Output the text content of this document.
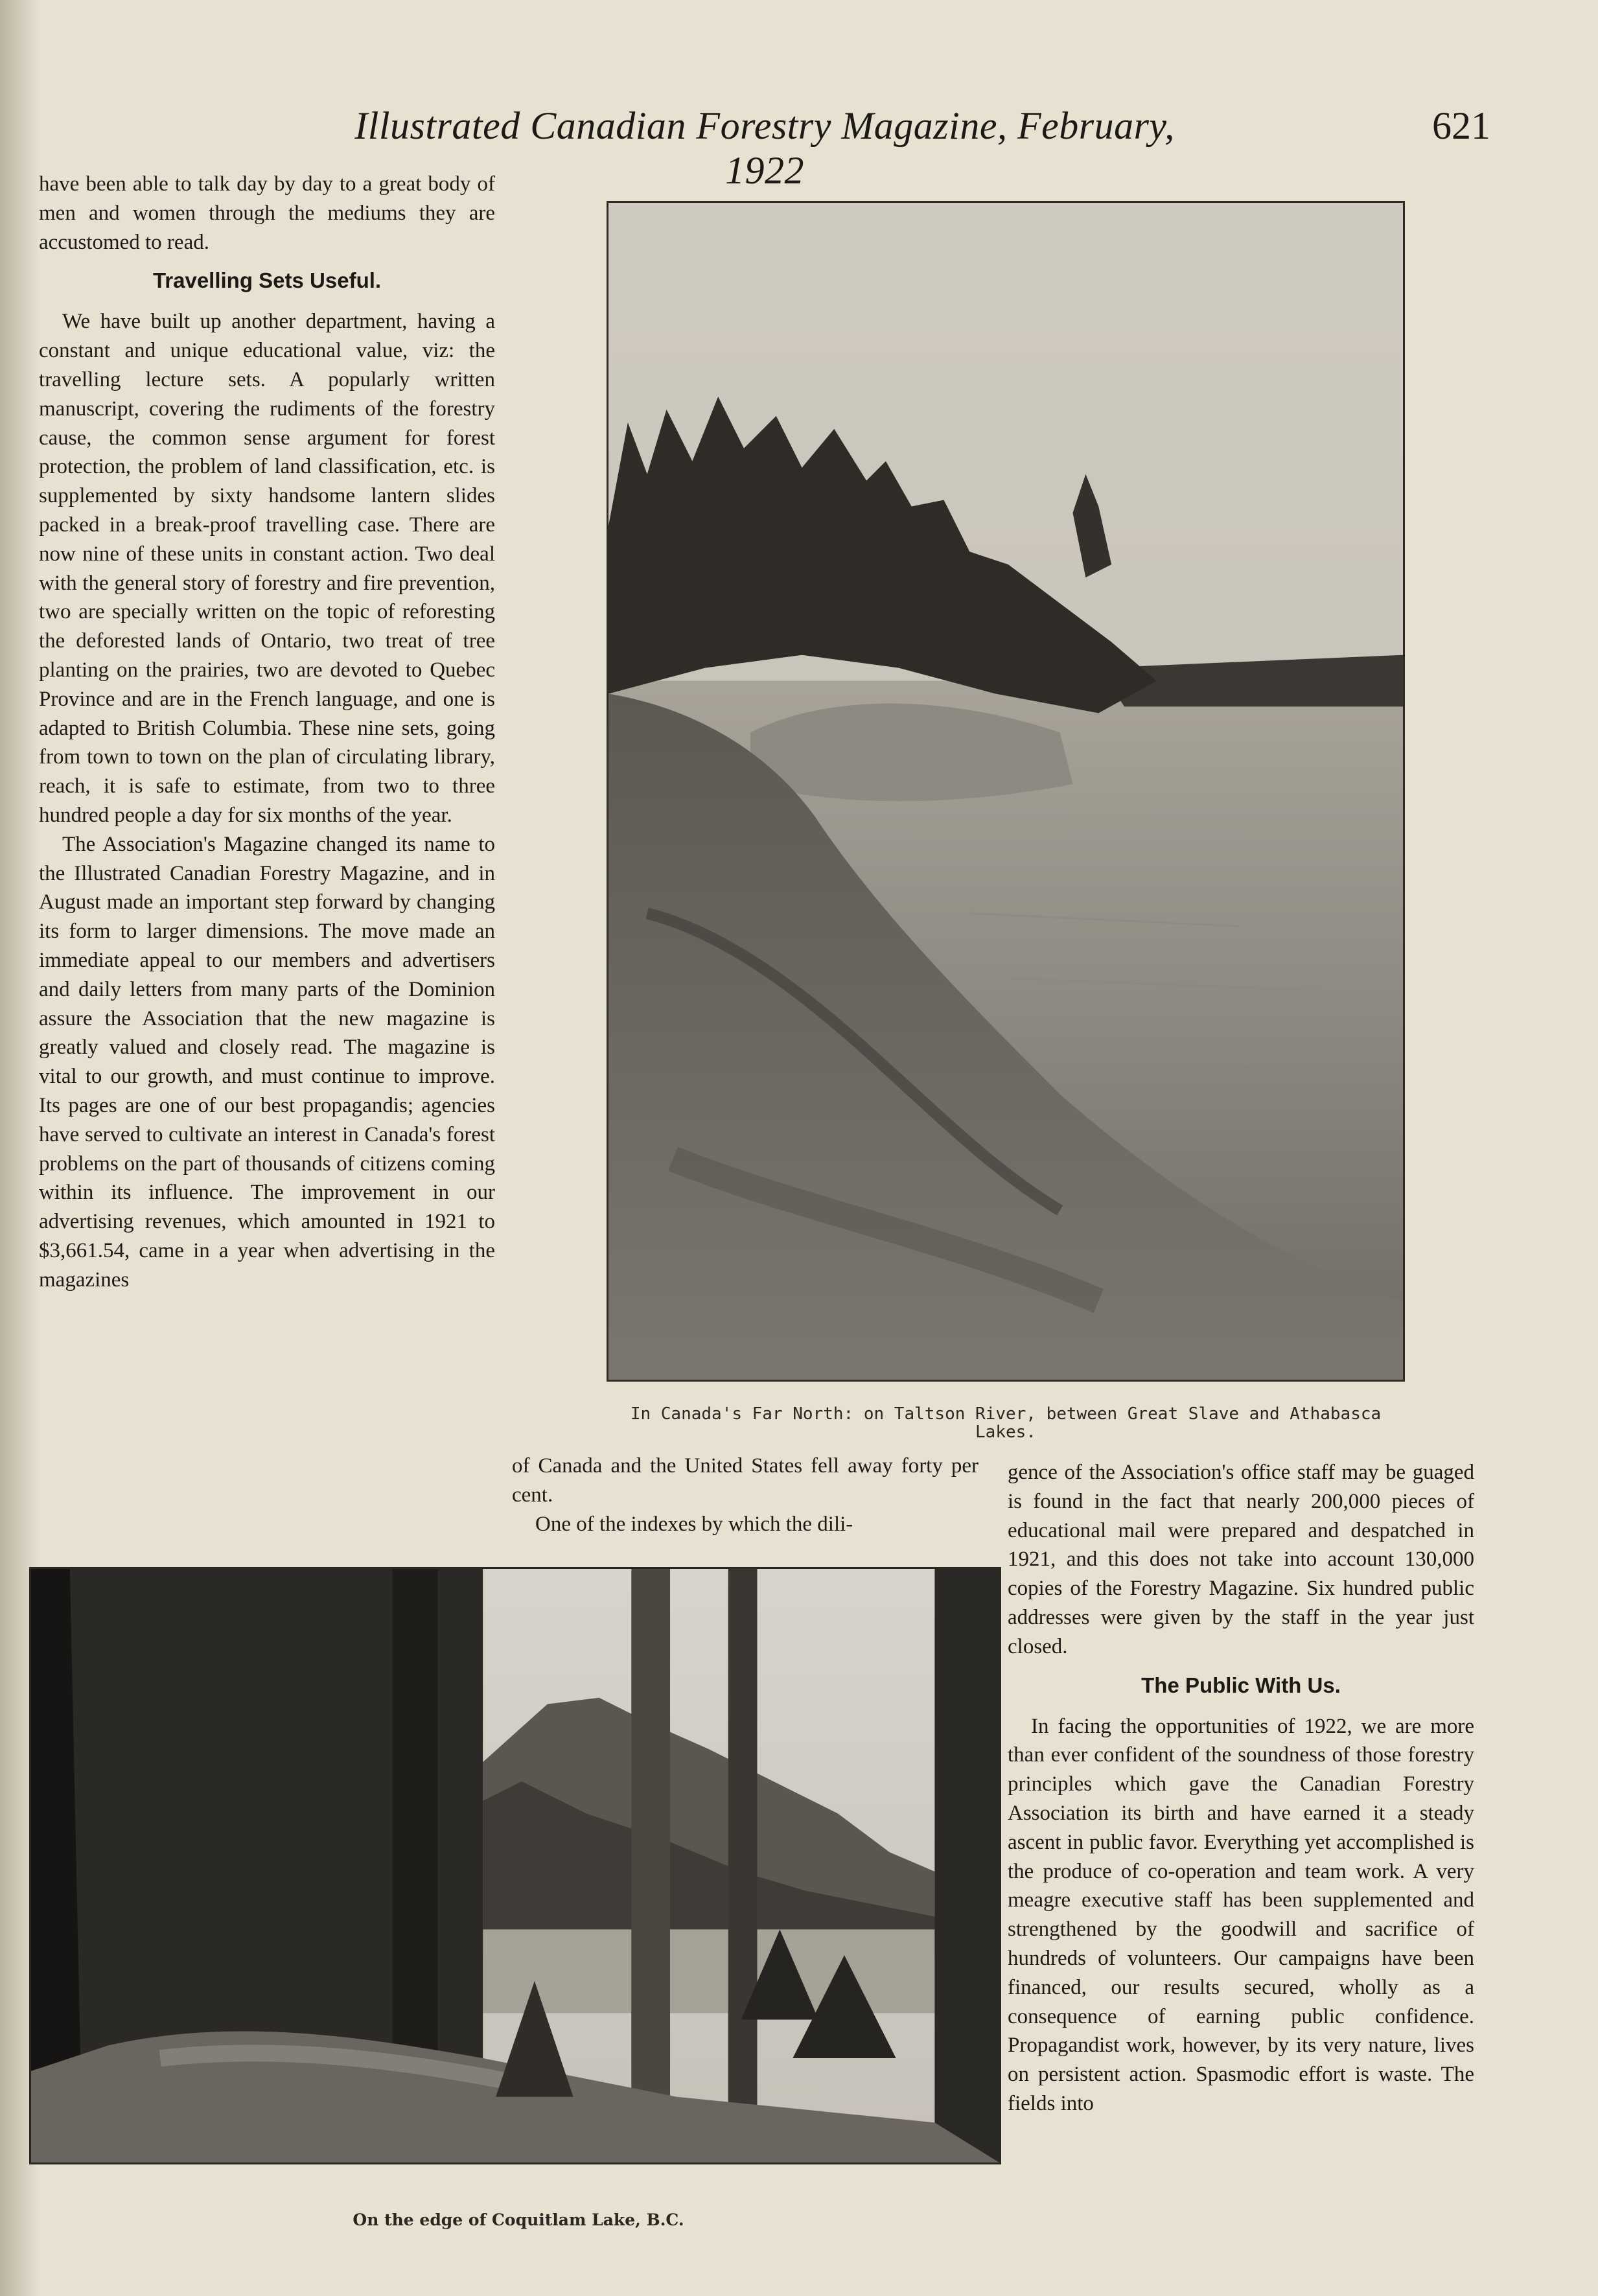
Illustrated Canadian Forestry Magazine, February, 1922
621

have been able to talk day by day to a great body of men and women through the mediums they are accustomed to read.

Travelling Sets Useful.

We have built up another department, having a constant and unique educational value, viz: the travelling lecture sets. A popularly written manuscript, covering the rudiments of the forestry cause, the common sense argument for forest protection, the problem of land classification, etc. is supplemented by sixty handsome lantern slides packed in a break-proof travelling case. There are now nine of these units in constant action. Two deal with the general story of forestry and fire prevention, two are specially written on the topic of reforesting the deforested lands of Ontario, two treat of tree planting on the prairies, two are devoted to Quebec Province and are in the French language, and one is adapted to British Columbia. These nine sets, going from town to town on the plan of circulating library, reach, it is safe to estimate, from two to three hundred people a day for six months of the year.

The Association's Magazine changed its name to the Illustrated Canadian Forestry Magazine, and in August made an important step forward by changing its form to larger dimensions. The move made an immediate appeal to our members and advertisers and daily letters from many parts of the Dominion assure the Association that the new magazine is greatly valued and closely read. The magazine is vital to our growth, and must continue to improve. Its pages are one of our best propagandis; agencies have served to cultivate an interest in Canada's forest problems on the part of thousands of citizens coming within its influence. The improvement in our advertising revenues, which amounted in 1921 to $3,661.54, came in a year when advertising in the magazines

In Canada's Far North: on Taltson River, between Great Slave and Athabasca Lakes.

of Canada and the United States fell away forty per cent.

One of the indexes by which the dili-

gence of the Association's office staff may be guaged is found in the fact that nearly 200,000 pieces of educational mail were prepared and despatched in 1921, and this does not take into account 130,000 copies of the Forestry Magazine. Six hundred public addresses were given by the staff in the year just closed.

The Public With Us.

In facing the opportunities of 1922, we are more than ever confident of the soundness of those forestry principles which gave the Canadian Forestry Association its birth and have earned it a steady ascent in public favor. Everything yet accomplished is the produce of co-operation and team work. A very meagre executive staff has been supplemented and strengthened by the goodwill and sacrifice of hundreds of volunteers. Our campaigns have been financed, our results secured, wholly as a consequence of earning public confidence. Propagandist work, however, by its very nature, lives on persistent action. Spasmodic effort is waste. The fields into

On the edge of Coquitlam Lake, B.C.
